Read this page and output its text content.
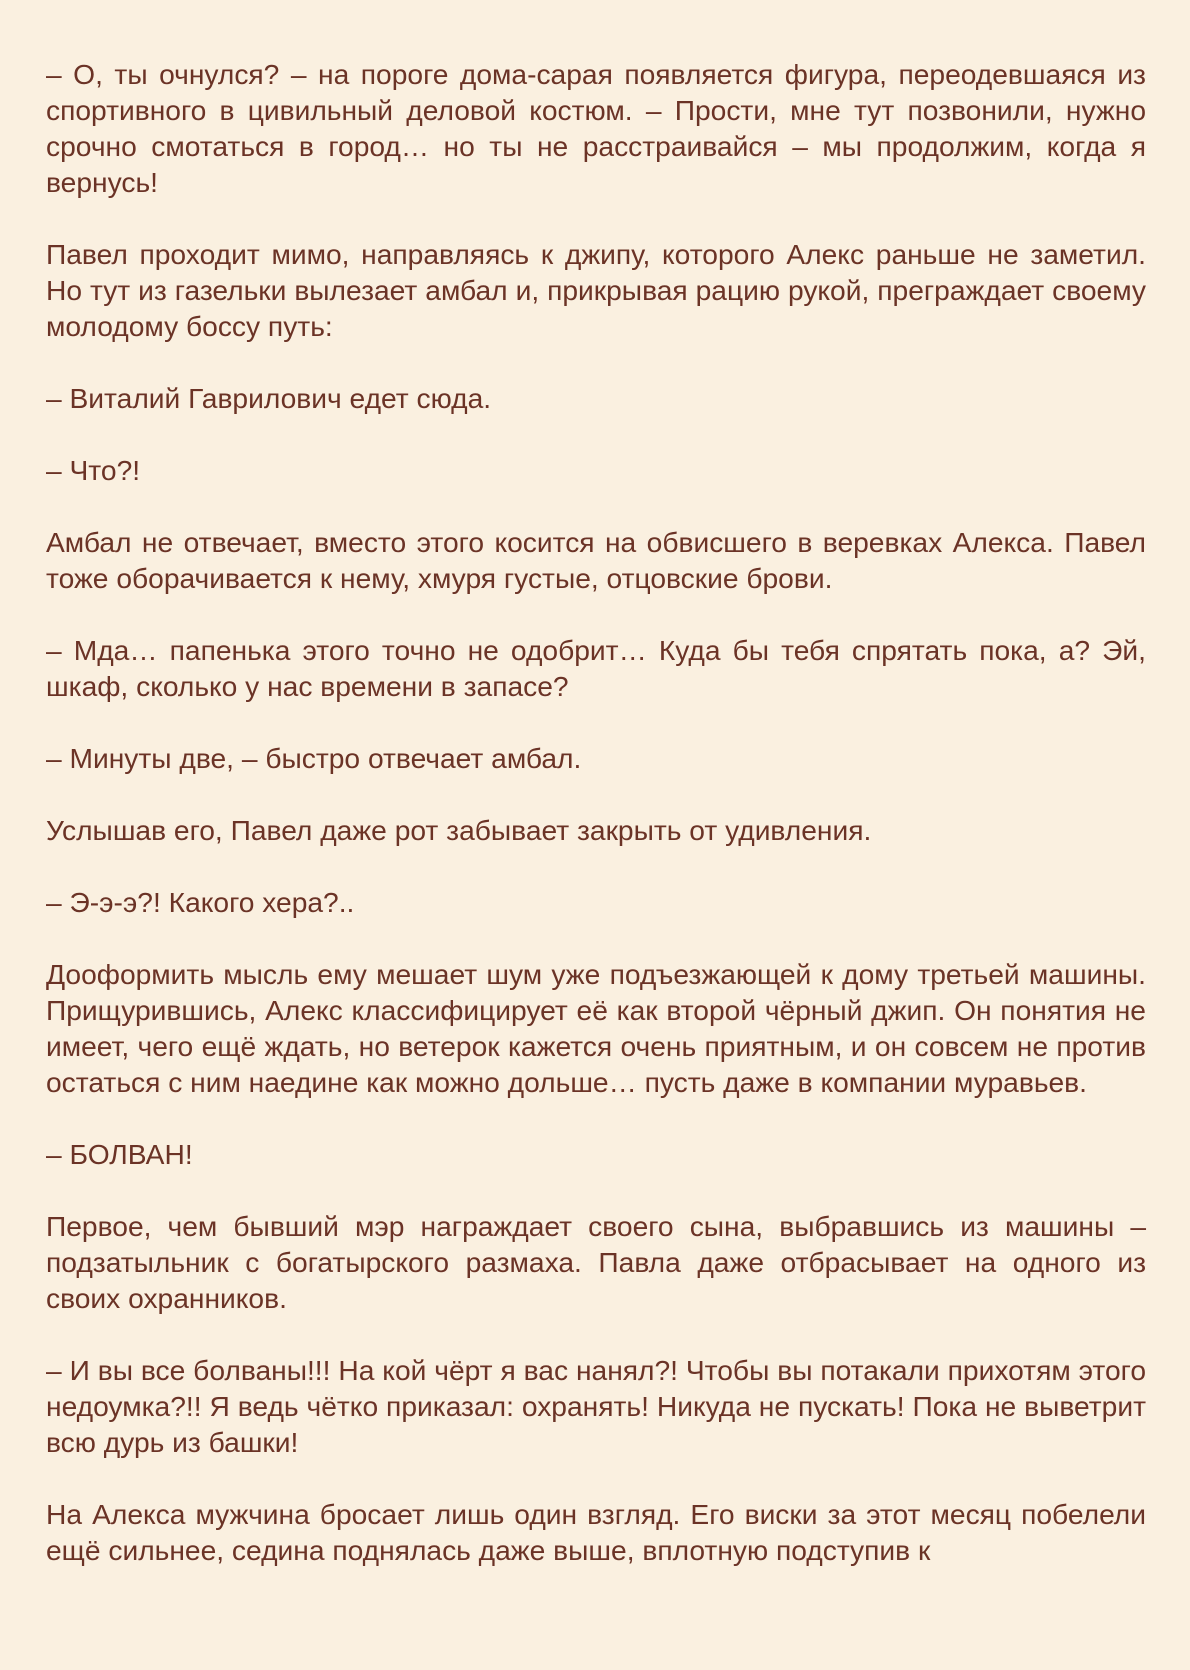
– О, ты очнулся? – на пороге дома-сарая появляется фигура, переодевшаяся из спортивного в цивильный деловой костюм. – Прости, мне тут позвонили, нужно срочно смотаться в город… но ты не расстраивайся – мы продолжим, когда я вернусь!

Павел проходит мимо, направляясь к джипу, которого Алекс раньше не заметил. Но тут из газельки вылезает амбал и, прикрывая рацию рукой, преграждает своему молодому боссу путь:

– Виталий Гаврилович едет сюда.

– Что?!

Амбал не отвечает, вместо этого косится на обвисшего в веревках Алекса. Павел тоже оборачивается к нему, хмуря густые, отцовские брови.

– Мда… папенька этого точно не одобрит… Куда бы тебя спрятать пока, а? Эй, шкаф, сколько у нас времени в запасе?

– Минуты две, – быстро отвечает амбал.

Услышав его, Павел даже рот забывает закрыть от удивления.

– Э-э-э?! Какого хера?..

Дооформить мысль ему мешает шум уже подъезжающей к дому третьей машины. Прищурившись, Алекс классифицирует её как второй чёрный джип. Он понятия не имеет, чего ещё ждать, но ветерок кажется очень приятным, и он совсем не против остаться с ним наедине как можно дольше… пусть даже в компании муравьев.

– БОЛВАН!

Первое, чем бывший мэр награждает своего сына, выбравшись из машины – подзатыльник с богатырского размаха. Павла даже отбрасывает на одного из своих охранников.

– И вы все болваны!!! На кой чёрт я вас нанял?! Чтобы вы потакали прихотям этого недоумка?!! Я ведь чётко приказал: охранять! Никуда не пускать! Пока не выветрит всю дурь из башки!

На Алекса мужчина бросает лишь один взгляд. Его виски за этот месяц побелели ещё сильнее, седина поднялась даже выше, вплотную подступив к
